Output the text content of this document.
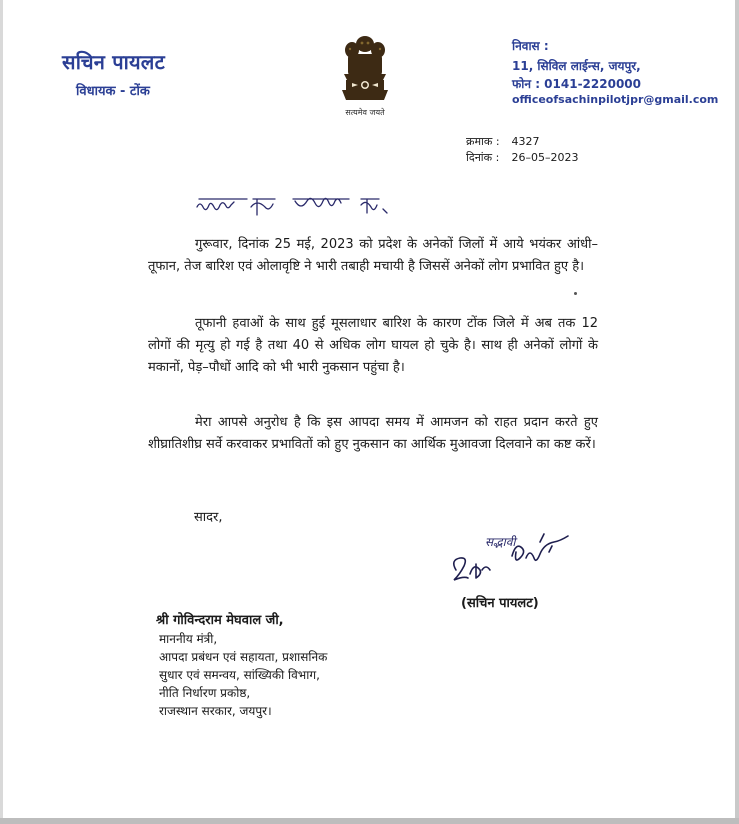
सचिन पायलट
विधायक - टोंक
सत्यमेव जयते
निवास :
11, सिविल लाईन्स, जयपुर,
फोन : 0141-2220000
officeofsachinpilotjpr@gmail.com
क्रमाक : 4327
दिनांक : 26–05–2023
गुरूवार, दिनांक 25 मई, 2023 को प्रदेश के अनेकों जिलों में आये भयंकर आंधी–तूफान, तेज बारिश एवं ओलावृष्टि ने भारी तबाही मचायी है जिससें अनेकों लोग प्रभावित हुए है।
तूफानी हवाओं के साथ हुई मूसलाधार बारिश के कारण टोंक जिले में अब तक 12 लोगों की मृत्यु हो गई है तथा 40 से अधिक लोग घायल हो चुके है। साथ ही अनेकों लोगों के मकानों, पेड़–पौधों आदि को भी भारी नुकसान पहुंचा है।
मेरा आपसे अनुरोध है कि इस आपदा समय में आमजन को राहत प्रदान करते हुए शीघ्रातिशीघ्र सर्वे करवाकर प्रभावितों को हुए नुकसान का आर्थिक मुआवजा दिलवाने का कष्ट करें।
सादर,
सद्भावी
(सचिन पायलट)
श्री गोविन्दराम मेघवाल जी,
माननीय मंत्री,
आपदा प्रबंधन एवं सहायता, प्रशासनिक
सुधार एवं समन्वय, सांख्यिकी विभाग,
नीति निर्धारण प्रकोष्ठ,
राजस्थान सरकार, जयपुर।
